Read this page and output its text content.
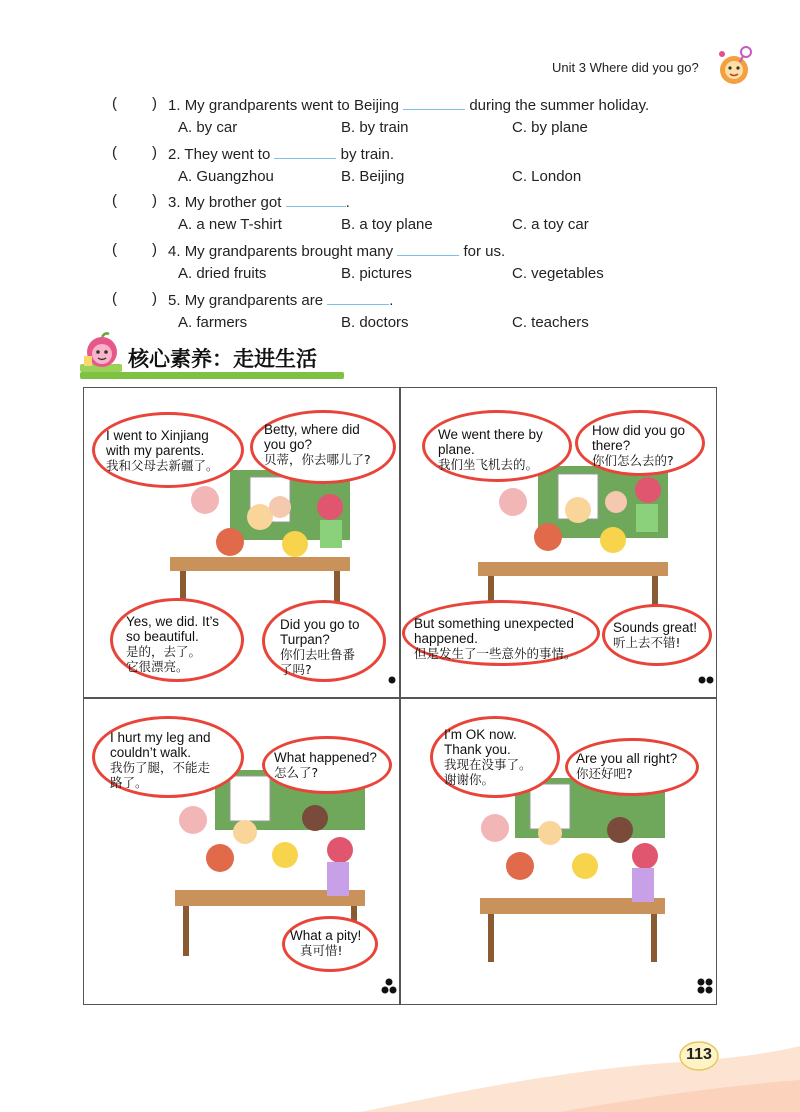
Unit 3 Where did you go?
( ) 1. My grandparents went to Beijing	during the summer holiday.
A. by car	B. by train	C. by plane
( ) 2. They went to	by train.
A. Guangzhou	B. Beijing	C. London
( ) 3. My brother got	.
A. a new T-shirt	B. a toy plane	C. a toy car
( ) 4. My grandparents brought many	for us.
A. dried fruits	B. pictures	C. vegetables
( ) 5. My grandparents are	.
A. farmers	B. doctors	C. teachers
核心素养：走进生活
I went to Xinjiang
with my parents.
我和父母去新疆了。
Betty, where did
you go?
贝蒂，你去哪儿了?
Yes, we did. It’s
so beautiful.
是的，去了。
它很漂亮。
Did you go to
Turpan?
你们去吐鲁番
了吗?
We went there by
plane.
我们坐飞机去的。
How did you go
there?
你们怎么去的?
But something unexpected
happened.
但是发生了一些意外的事情。
Sounds great!
听上去不错!
I hurt my leg and
couldn’t walk.
我伤了腿，不能走
路了。
What happened?
怎么了?
What a pity!
真可惜!
I’m OK now.
Thank you.
我现在没事了。
谢谢你。
Are you all right?
你还好吧?
113
